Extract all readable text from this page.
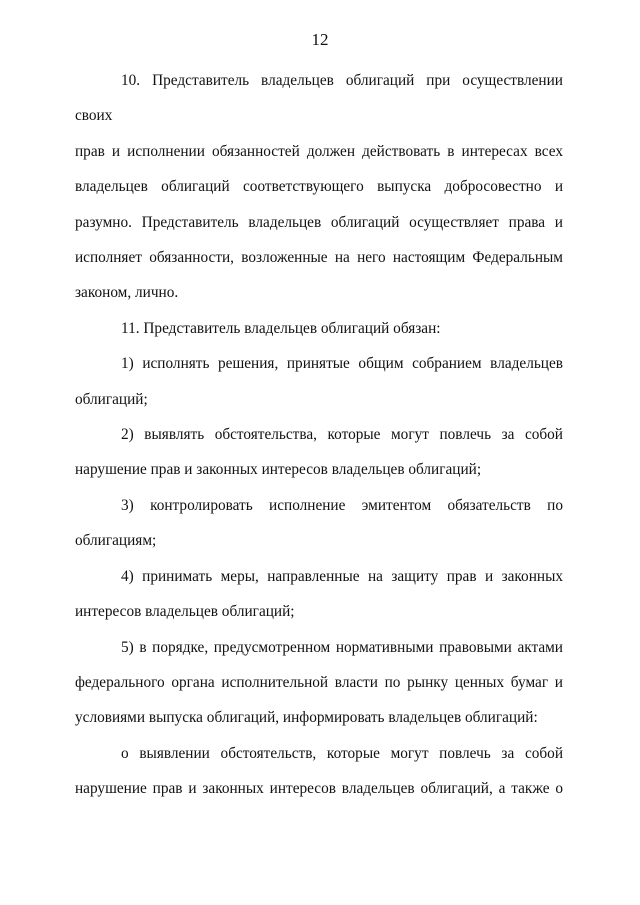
12
10. Представитель владельцев облигаций при осуществлении своих
прав и исполнении обязанностей должен действовать в интересах всех
владельцев облигаций соответствующего выпуска добросовестно и
разумно. Представитель владельцев облигаций осуществляет права и
исполняет обязанности, возложенные на него настоящим Федеральным
законом, лично.
11. Представитель владельцев облигаций обязан:
1) исполнять решения, принятые общим собранием владельцев
облигаций;
2) выявлять обстоятельства, которые могут повлечь за собой
нарушение прав и законных интересов владельцев облигаций;
3) контролировать исполнение эмитентом обязательств по
облигациям;
4) принимать меры, направленные на защиту прав и законных
интересов владельцев облигаций;
5) в порядке, предусмотренном нормативными правовыми актами
федерального органа исполнительной власти по рынку ценных бумаг и
условиями выпуска облигаций, информировать владельцев облигаций:
о выявлении обстоятельств, которые могут повлечь за собой
нарушение прав и законных интересов владельцев облигаций, а также о
